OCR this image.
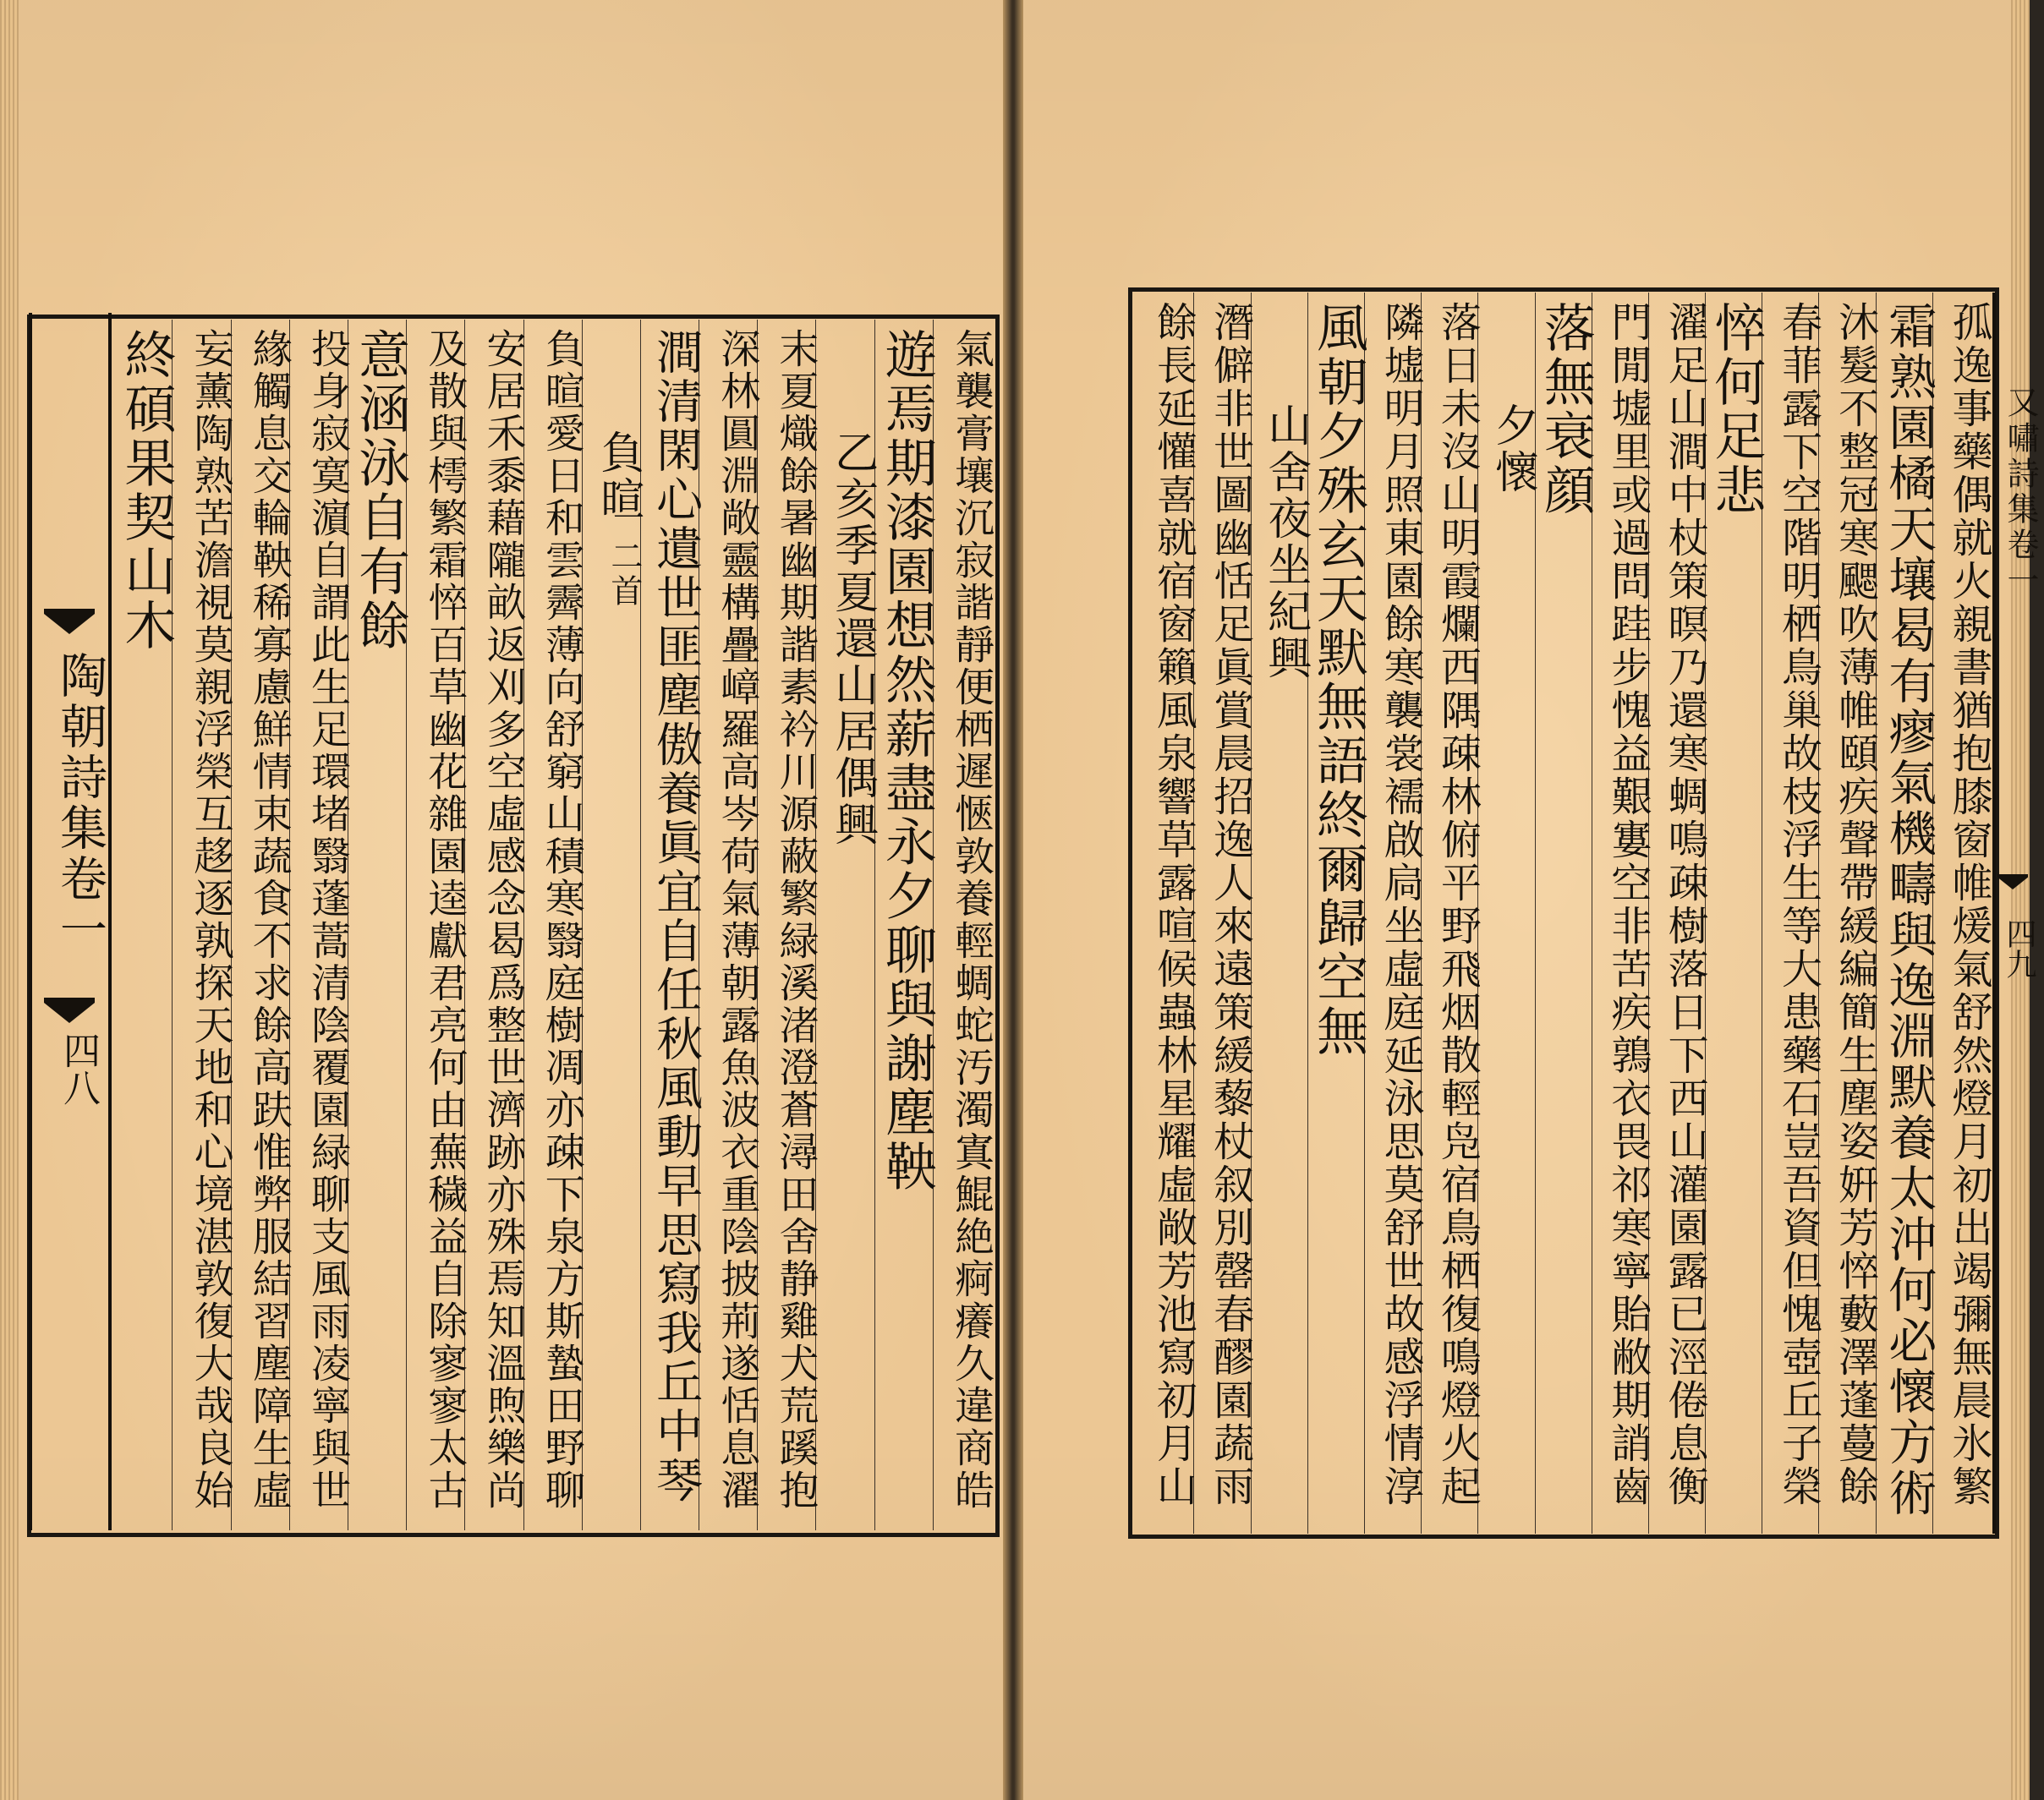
氣襲膏壤沉寂諧靜便栖遲愜敦養輕蜩蛇汚濁寘鯤絶痾癢久違商皓
遊焉期漆園想然薪盡永夕聊與謝塵鞅
乙亥季夏還山居偶興
末夏熾餘暑幽期諧素衿川源蔽繁緑溪渚澄蒼潯田舍静雞犬荒蹊抱
深林圓淵敞靈構疊嶂羅高岑荷氣薄朝露魚波衣重陰披荊遂恬息濯
澗清閑心遺世匪塵傲養眞宜自任秋風動早思寫我丘中琴
負暄
二首
負暄愛日和雲霽薄向舒窮山積寒翳庭樹凋亦疎下泉方斯蟄田野聊
安居禾黍藉隴畝返刈多空虛感念曷爲整世濟跡亦殊焉知溫煦樂尚
及散與樗繁霜悴百草幽花雜園逵獻君亮何由蕪穢益自除寥寥太古
意涵泳自有餘
投身寂寞濵自謂此生足環堵翳蓬蒿清陰覆園緑聊支風雨凌寧與世
緣觸息交輪鞅稀寡慮鮮情束蔬食不求餘高趺惟弊服結習塵障生虛
妄薰陶熟苦澹視莫親浮榮互趍逐孰探天地和心境湛敦復大哉良始
終碩果契山木
陶朝詩集卷一
四八	孤逸事藥偶就火親書猶抱膝窗帷煖氣舒然燈月初出竭彌無晨氷繁
霜熟園橘天壤曷有瘳氣機疇與逸淵默養太沖何必懷方術
沐髮不整冠寒颸吹薄帷頤疾聲帶緩編簡生塵姿姸芳悴藪澤蓬蔓餘
春菲露下空階明栖鳥巢故枝浮生等大患藥石豈吾資但愧壺丘子榮
悴何足悲
濯足山澗中杖策暝乃還寒蜩鳴疎樹落日下西山灌園露已涇倦息衡
門閒墟里或過問跬步愧益艱寠空非苦疾鶉衣畏祁寒寧貽敝期誚齒
落無衰顔
夕懷
落日未沒山明霞爛西隅疎林俯平野飛烟散輕凫宿鳥栖復鳴燈火起
隣墟明月照東園餘寒襲裳襦啟扃坐虛庭延泳思莫舒世故感浮情淳
風朝夕殊玄天默無語終爾歸空無
山舍夜坐紀興
潛僻非世圖幽恬足眞賞晨招逸人來遠策緩藜杖叙別罄春醪園蔬雨
餘長延懽喜就宿窗籟風泉響草露喧候蟲林星耀虛敞芳池寫初月山	又嘯詩集卷一
四九
